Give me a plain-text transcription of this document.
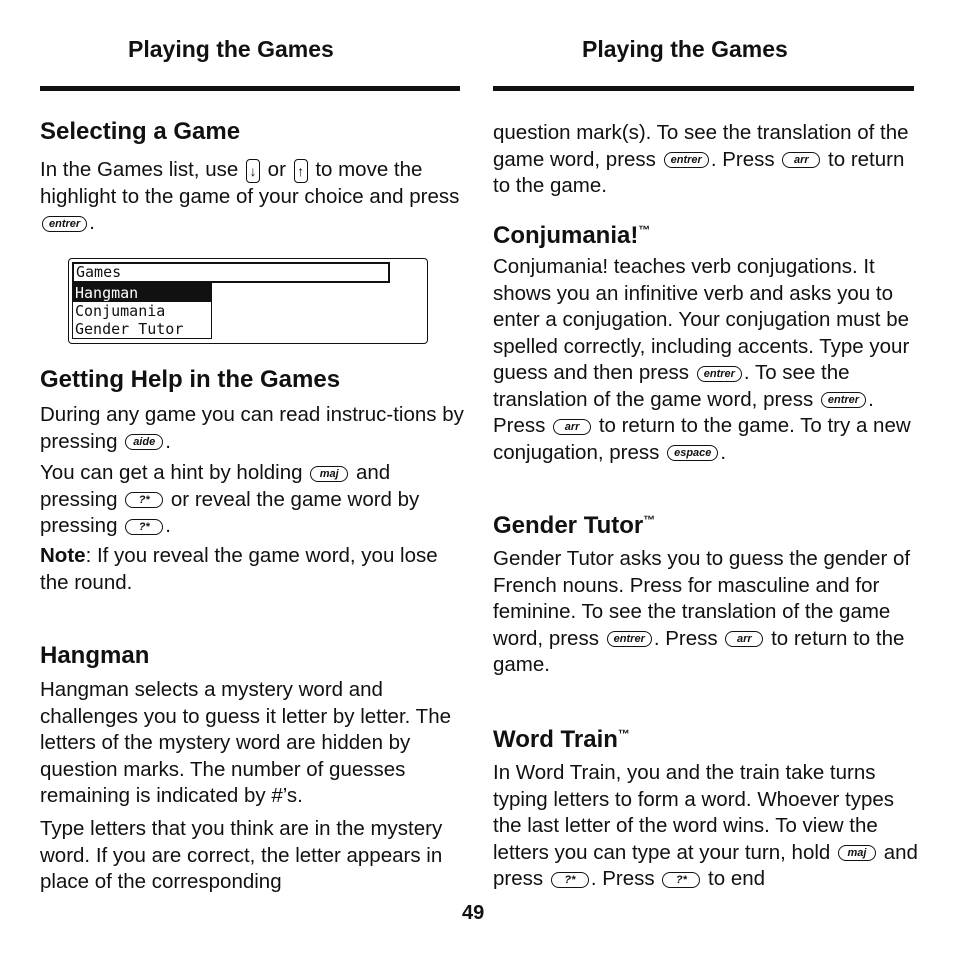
Playing the Games
Selecting a Game

In the Games list, use ↓ or ↑ to move the highlight to the game of your choice and press entrer .

Games
Hangman
Conjumania
Gender Tutor
Getting Help in the Games

During any game you can read instruc-tions by pressing aide .

You can get a hint by holding maj and pressing ?* or reveal the game word by pressing ?* .

Note: If you reveal the game word, you lose the round.

Hangman

Hangman selects a mystery word and challenges you to guess it letter by letter. The letters of the mystery word are hidden by question marks. The number of guesses remaining is indicated by #’s.

Type letters that you think are in the mystery word. If you are correct, the letter appears in place of the corresponding

Playing the Games

question mark(s). To see the translation of the game word, press entrer . Press arr to return to the game.

Conjumania!™

Conjumania! teaches verb conjugations. It shows you an infinitive verb and asks you to enter a conjugation. Your conjugation must be spelled correctly, including accents. Type your guess and then press entrer . To see the translation of the game word, press entrer . Press arr to return to the game. To try a new conjugation, press espace .

Gender Tutor™

Gender Tutor asks you to guess the gender of French nouns. Press for masculine and for feminine. To see the translation of the game word, press entrer . Press arr to return to the game.

Word Train™

In Word Train, you and the train take turns typing letters to form a word. Whoever types the last letter of the word wins. To view the letters you can type at your turn, hold maj and press ?* . Press ?* to end

49
